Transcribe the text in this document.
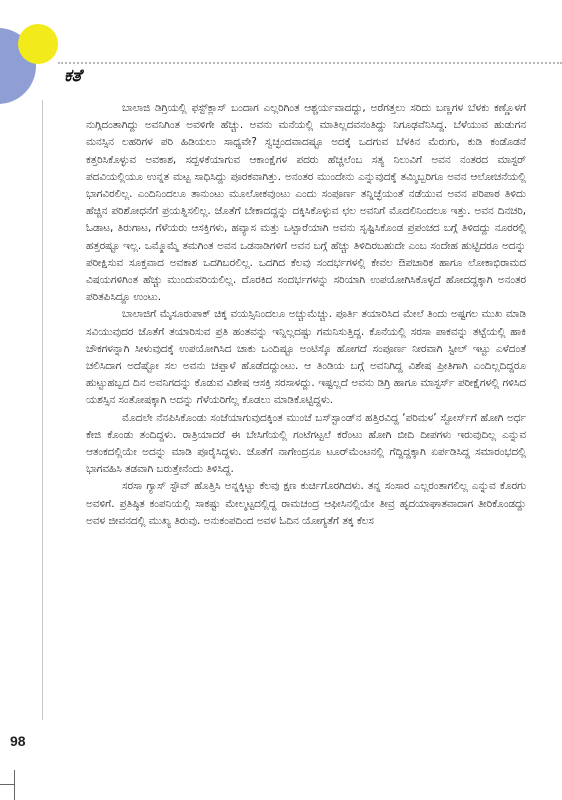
ಕತೆ

ಬಾಲಾಜಿ ಡಿಗ್ರಿಯಲ್ಲಿ ಫಸ್ಟ್‌ಕ್ಲಾಸ್ ಬಂದಾಗ ಎಲ್ಲರಿಗಿಂತ ಆಶ್ಚರ್ಯವಾದದ್ದು, ಅರೆಗತ್ತಲು ಸರಿದು ಬಣ್ಣಗಳ ಬೆಳಕು ಕಣ್ಣೊಳಗೆ ನುಗ್ಗಿದಂತಾಗಿದ್ದು ಅವನಿಗಿಂತ ಅವಳಿಗೇ ಹೆಚ್ಚು. ಅವನು ಮನೆಯಲ್ಲಿ ಮಾತಿಲ್ಲದವನಂತಿದ್ದು ನಿಗೂಢವೆನಿಸಿದ್ದ. ಬೆಳೆಯುವ ಹುಡುಗನ ಮನಸ್ಸಿನ ಲಹರಿಗಳ ಪರಿ ಹಿಡಿಯಲು ಸಾಧ್ಯವೇ? ಸ್ವಚ್ಛಂದವಾದಷ್ಟೂ ಅದಕ್ಕೆ ಒದಗುವ ಬೆಳಕಿನ ಮೆರುಗು, ಕುಡಿ ಕಂಡೊಡನೆ ಕತ್ತರಿಸಿಕೊಳ್ಳುವ ಅವಕಾಶ, ಸದ್ಬಳಕೆಯಾಗುವ ಆಕಾಂಕ್ಷೆಗಳ ಪದರು ಹೆಚ್ಚಲೆಂಬ ಸತ್ಯ ನಿಲುವಿಗೆ ಅವನ ನಂತರದ ಮಾಸ್ಟರ್ ಪದವಿಯಲ್ಲಿಯೂ ಉನ್ನತ ಮಟ್ಟ ಸಾಧಿಸಿದ್ದು ಪೂರಕವಾಗಿತ್ತು. ಅನಂತರ ಮುಂದೇನು ಎನ್ನುವುದಕ್ಕೆ ತಮ್ಮಿಬ್ಬರಿಗೂ ಅವನ ಆಲೋಚನೆಯಲ್ಲಿ ಭಾಗವಿರಲಿಲ್ಲ. ಎಂದಿನಿಂದಲೂ ತಾನುಂಟು ಮೂಲೋಕವುಂಟು ಎಂದು ಸಂಪೂರ್ಣ ತನ್ನಿಚ್ಛೆಯಂತೆ ನಡೆಯುವ ಅವನ ಪರಿಪಾಠ ತಿಳಿದು ಹೆಚ್ಚಿನ ಪರಿಶೋಧನೆಗೆ ಪ್ರಯತ್ನಿಸಲಿಲ್ಲ. ಜೊತೆಗೆ ಬೇಕಾದದ್ದನ್ನು ದಕ್ಕಿಸಿಕೊಳ್ಳುವ ಛಲ ಅವನಿಗೆ ಮೊದಲಿನಿಂದಲೂ ಇತ್ತು. ಅವನ ದಿನಚರಿ, ಓಡಾಟ, ತಿರುಗಾಟ, ಗೆಳೆಯರು ಆಸಕ್ತಿಗಳು, ಹವ್ಯಾಸ ಮತ್ತು ಒಟ್ಟಾರೆಯಾಗಿ ಅವನು ಸೃಷ್ಟಿಸಿಕೊಂಡ ಪ್ರಪಂಚದ ಬಗ್ಗೆ ತಿಳಿದದ್ದು ನೂರರಲ್ಲಿ ಹತ್ತರಷ್ಟೂ ಇಲ್ಲ. ಒಮ್ಮೊಮ್ಮೆ ತಮಗಿಂತ ಅವನ ಒಡನಾಡಿಗಳಿಗೆ ಅವನ ಬಗ್ಗೆ ಹೆಚ್ಚು ತಿಳಿದಿರಬಹುದೇ ಎಂಬ ಸಂದೇಹ ಹುಟ್ಟಿದರೂ ಅದನ್ನು ಪರೀಕ್ಷಿಸುವ ಸೂಕ್ತವಾದ ಅವಕಾಶ ಒದಗಿಬರಲಿಲ್ಲ. ಒದಗಿದ ಕೆಲವು ಸಂದರ್ಭಗಳಲ್ಲಿ ಕೇವಲ ಔಪಚಾರಿಕ ಹಾಗೂ ಲೋಕಾಭಿರಾಮದ ವಿಷಯಗಳಿಗಿಂತ ಹೆಚ್ಚು ಮುಂದುವರಿಯಲಿಲ್ಲ. ದೊರಕಿದ ಸಂದರ್ಭಗಳನ್ನು ಸರಿಯಾಗಿ ಉಪಯೋಗಿಸಿಕೊಳ್ಳದೆ ಹೋದದ್ದಕ್ಕಾಗಿ ಅನಂತರ ಪರಿತಪಿಸಿದ್ದೂ ಉಂಟು.

ಬಾಲಾಜಿಗೆ ಮೈಸೂರುಪಾಕ್ ಚಿಕ್ಕ ವಯಸ್ಸಿನಿಂದಲೂ ಅಚ್ಚುಮೆಚ್ಚು. ಪೂರ್ತಿ ತಯಾರಿಸಿದ ಮೇಲೆ ತಿಂದು ಅಷ್ಟಗಲ ಮುಖ ಮಾಡಿ ಸವಿಯುವುದರ ಜೊತೆಗೆ ತಯಾರಿಸುವ ಪ್ರತಿ ಹಂತವನ್ನು ಇನ್ನಿಲ್ಲದಷ್ಟು ಗಮನಿಸುತ್ತಿದ್ದ. ಕೊನೆಯಲ್ಲಿ ಸರಸಾ ಪಾಕವನ್ನು ತಟ್ಟೆಯಲ್ಲಿ ಹಾಕಿ ಚೌಕಗಳನ್ನಾಗಿ ಸೀಳುವುದಕ್ಕೆ ಉಪಯೋಗಿಸಿದ ಚಾಕು ಒಂದಿಷ್ಟೂ ಅಂಟಿಸ್ಕೊ ಹೋಗದೆ ಸಂಪೂರ್ಣ ನೀರವಾಗಿ ಸ್ಟೀಲ್ ಇಟ್ಟು ಎಳೆದಂತೆ ಚಲಿಸಿದಾಗ ಅದೆಷ್ಟೋ ಸಲ ಅವನು ಚಪ್ಪಾಳೆ ಹೊಡೆದದ್ದುಂಟು. ಆ ತಿಂಡಿಯ ಬಗ್ಗೆ ಅವನಿಗಿದ್ದ ವಿಶೇಷ ಪ್ರೀತಿಗಾಗಿ ಎಂದಿಲ್ಲದಿದ್ದರೂ ಹುಟ್ಟುಹಬ್ಬದ ದಿನ ಅವನಿಗದನ್ನು ಕೊಡುವ ವಿಶೇಷ ಆಸಕ್ತಿ ಸರಸಾಳದ್ದು. ಇಷ್ಟಲ್ಲದೆ ಅವನು ಡಿಗ್ರಿ ಹಾಗೂ ಮಾಸ್ಟರ್ಸ್ ಪರೀಕ್ಷೆಗಳಲ್ಲಿ ಗಳಿಸಿದ ಯಶಸ್ಸಿನ ಸಂತೋಷಕ್ಕಾಗಿ ಅದನ್ನು ಗೆಳೆಯರಿಗೆಲ್ಲ ಕೊಡಲು ಮಾಡಿಕೊಟ್ಟಿದ್ದಳು.

ಮೊದಲೇ ನೆನಪಿಸಿಕೊಂಡು ಸಂಜೆಯಾಗುವುದಕ್ಕಿಂತ ಮುಂಚೆ ಬಸ್‌ಸ್ಟಾಂಡ್‌ನ ಹತ್ತಿರವಿದ್ದ ‘ಪರಿಮಳ’ ಸ್ಟೋರ್ಸ್‌ಗೆ ಹೋಗಿ ಅರ್ಧ ಕೇಜಿ ಕೊಂಡು ತಂದಿದ್ದಳು. ರಾತ್ರಿಯಾದರೆ ಈ ಬೇಸಿಗೆಯಲ್ಲಿ ಗಂಟೆಗಟ್ಟಲೆ ಕರೆಂಟು ಹೋಗಿ ಬೀದಿ ದೀಪಗಳು ಇರುವುದಿಲ್ಲ ಎನ್ನುವ ಆತಂಕದಲ್ಲಿಯೇ ಅದನ್ನು ಮಾಡಿ ಪೂರೈಸಿದ್ದಳು. ಜೊತೆಗೆ ನಾಗೇಂದ್ರನೂ ಟೂರ್‌ಮೆಂಟನಲ್ಲಿ ಗೆದ್ದಿದ್ದಕ್ಕಾಗಿ ಏರ್ಪಡಿಸಿದ್ದ ಸಮಾರಂಭದಲ್ಲಿ ಭಾಗವಹಿಸಿ ತಡವಾಗಿ ಬರುತ್ತೇನೆಂದು ತಿಳಿಸಿದ್ದ.

ಸರಸಾ ಗ್ಯಾಸ್ ಸ್ಟೌವ್ ಹೊತ್ತಿಸಿ ಅನ್ನಕ್ಕಿಟ್ಟು ಕೆಲವು ಕ್ಷಣ ಕುರ್ಚಿಗೊರಗಿದಳು. ತನ್ನ ಸಂಸಾರ ಎಲ್ಲರಂತಾಗಲಿಲ್ಲ ಎನ್ನುವ ಕೊರಗು ಅವಳಿಗೆ. ಪ್ರತಿಷ್ಠಿತ ಕಂಪನಿಯಲ್ಲಿ ಸಾಕಷ್ಟು ಮೇಲ್ಮಟ್ಟದಲ್ಲಿದ್ದ ರಾಮಚಂದ್ರ ಆಫೀಸಿನಲ್ಲಿಯೇ ತೀವ್ರ ಹೃದಯಾಘಾತವಾದಾಗ ತೀರಿಕೊಂಡದ್ದು ಅವಳ ಜೀವನದಲ್ಲಿ ಮುಖ್ಯ ತಿರುವು. ಅನುಕಂಪದಿಂದ ಅವಳ ಓದಿನ ಯೋಗ್ಯತೆಗೆ ತಕ್ಕ ಕೆಲಸ

98
